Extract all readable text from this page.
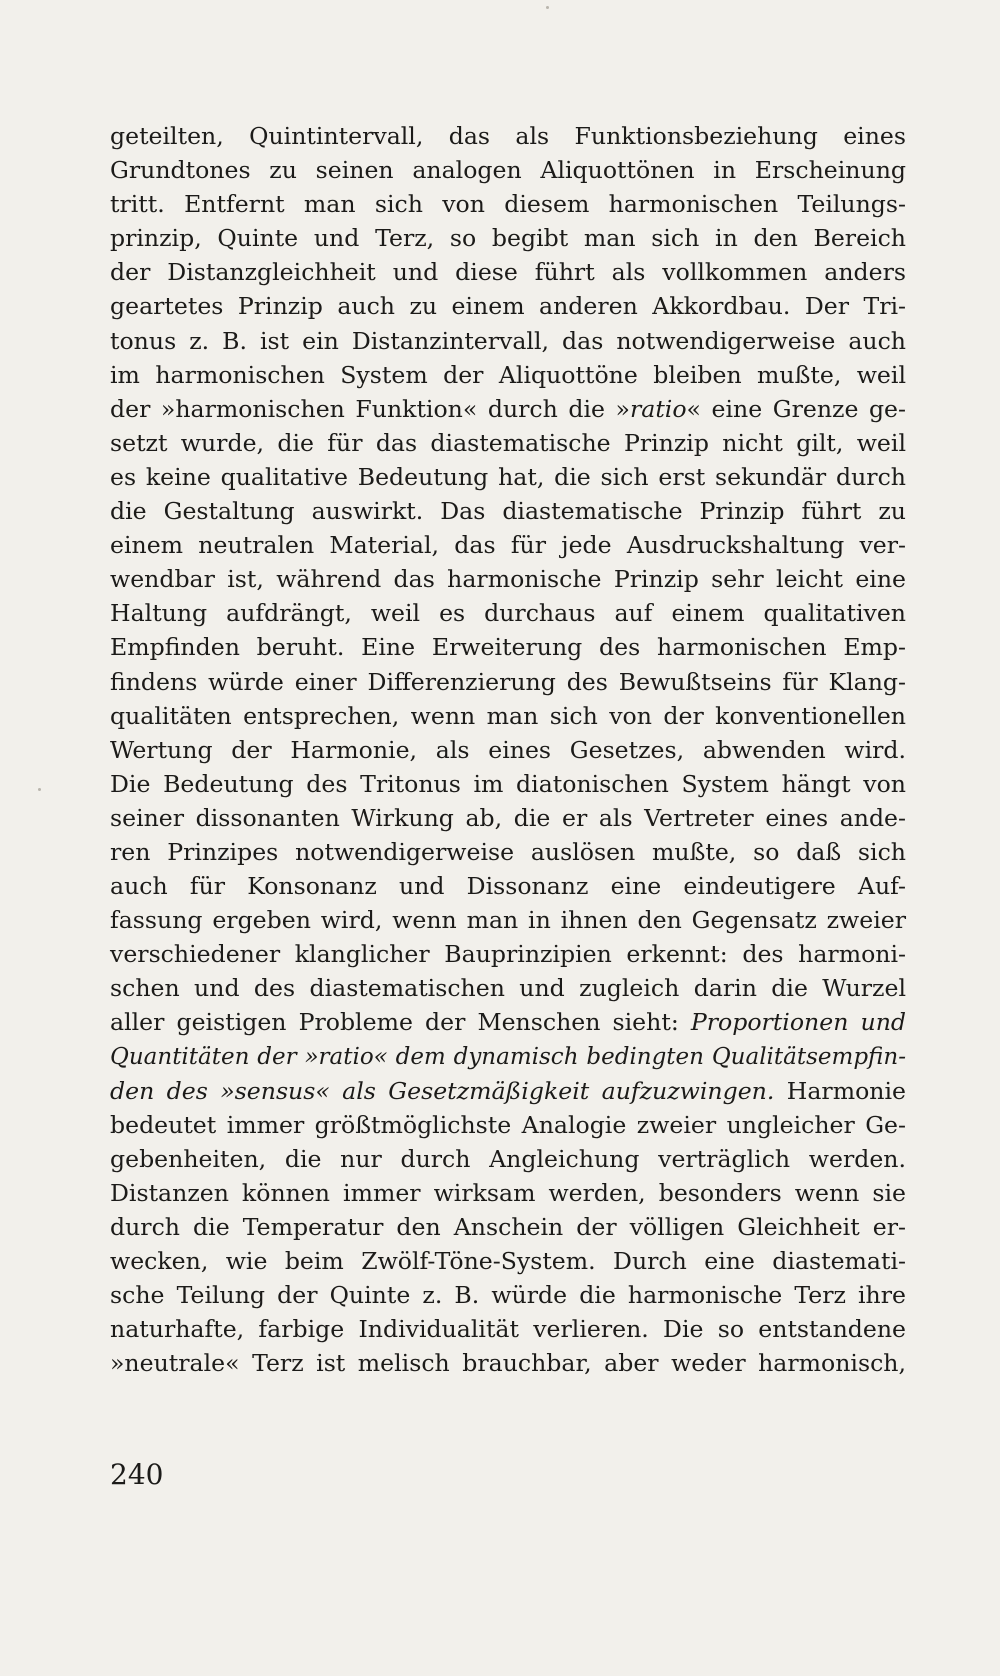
geteilten, Quintintervall, das als Funktionsbeziehung eines
Grundtones zu seinen analogen Aliquottönen in Erscheinung
tritt. Entfernt man sich von diesem harmonischen Teilungs-
prinzip, Quinte und Terz, so begibt man sich in den Bereich
der Distanzgleichheit und diese führt als vollkommen anders
geartetes Prinzip auch zu einem anderen Akkordbau. Der Tri-
tonus z. B. ist ein Distanzintervall, das notwendigerweise auch
im harmonischen System der Aliquottöne bleiben mußte, weil
der »harmonischen Funktion« durch die »ratio« eine Grenze ge-
setzt wurde, die für das diastematische Prinzip nicht gilt, weil
es keine qualitative Bedeutung hat, die sich erst sekundär durch
die Gestaltung auswirkt. Das diastematische Prinzip führt zu
einem neutralen Material, das für jede Ausdruckshaltung ver-
wendbar ist, während das harmonische Prinzip sehr leicht eine
Haltung aufdrängt, weil es durchaus auf einem qualitativen
Empfinden beruht. Eine Erweiterung des harmonischen Emp-
findens würde einer Differenzierung des Bewußtseins für Klang-
qualitäten entsprechen, wenn man sich von der konventionellen
Wertung der Harmonie, als eines Gesetzes, abwenden wird.
Die Bedeutung des Tritonus im diatonischen System hängt von
seiner dissonanten Wirkung ab, die er als Vertreter eines ande-
ren Prinzipes notwendigerweise auslösen mußte, so daß sich
auch für Konsonanz und Dissonanz eine eindeutigere Auf-
fassung ergeben wird, wenn man in ihnen den Gegensatz zweier
verschiedener klanglicher Bauprinzipien erkennt: des harmoni-
schen und des diastematischen und zugleich darin die Wurzel
aller geistigen Probleme der Menschen sieht: Proportionen und
Quantitäten der »ratio« dem dynamisch bedingten Qualitätsempfin-
den des »sensus« als Gesetzmäßigkeit aufzuzwingen. Harmonie
bedeutet immer größtmöglichste Analogie zweier ungleicher Ge-
gebenheiten, die nur durch Angleichung verträglich werden.
Distanzen können immer wirksam werden, besonders wenn sie
durch die Temperatur den Anschein der völligen Gleichheit er-
wecken, wie beim Zwölf-Töne-System. Durch eine diastemati-
sche Teilung der Quinte z. B. würde die harmonische Terz ihre
naturhafte, farbige Individualität verlieren. Die so entstandene
»neutrale« Terz ist melisch brauchbar, aber weder harmonisch,
240
